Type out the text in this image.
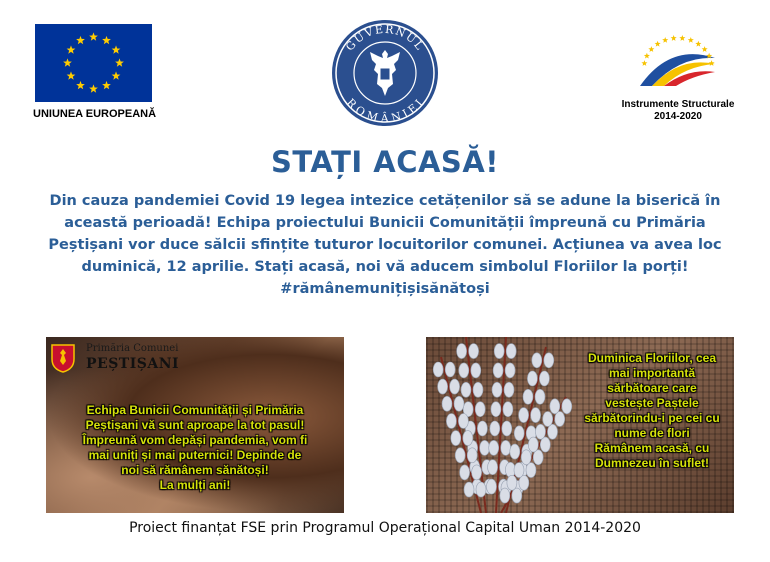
UNIUNEA EUROPEANĂ
GUVERNUL
ROMÂNIEI	Instrumente Structurale
2014-2020
STAȚI ACASĂ!
Din cauza pandemiei Covid 19 legea intezice cetățenilor să se adune la biserică în
această perioadă! Echipa proiectului Bunicii Comunității împreună cu Primăria
Peștișani vor duce sălcii sfințite tuturor locuitorilor comunei. Acțiunea va avea loc
duminică, 12 aprilie. Stați acasă, noi vă aducem simbolul Floriilor la porți!
#rămânemunițișisănătoși
Primăria Comunei
PEȘTIȘANI
Echipa Bunicii Comunității și Primăria
Peștișani vă sunt aproape la tot pasul!
Împreună vom depăși pandemia, vom fi
mai uniți și mai puternici! Depinde de
noi să rămânem sănătoși!
La mulți ani!
Duminica Floriilor, cea
mai importantă
sărbătoare care
vestește Paștele
sărbătorindu-i pe cei cu
nume de flori
Rămânem acasă, cu
Dumnezeu în suflet!
Proiect finanțat FSE prin Programul Operațional Capital Uman 2014-2020
